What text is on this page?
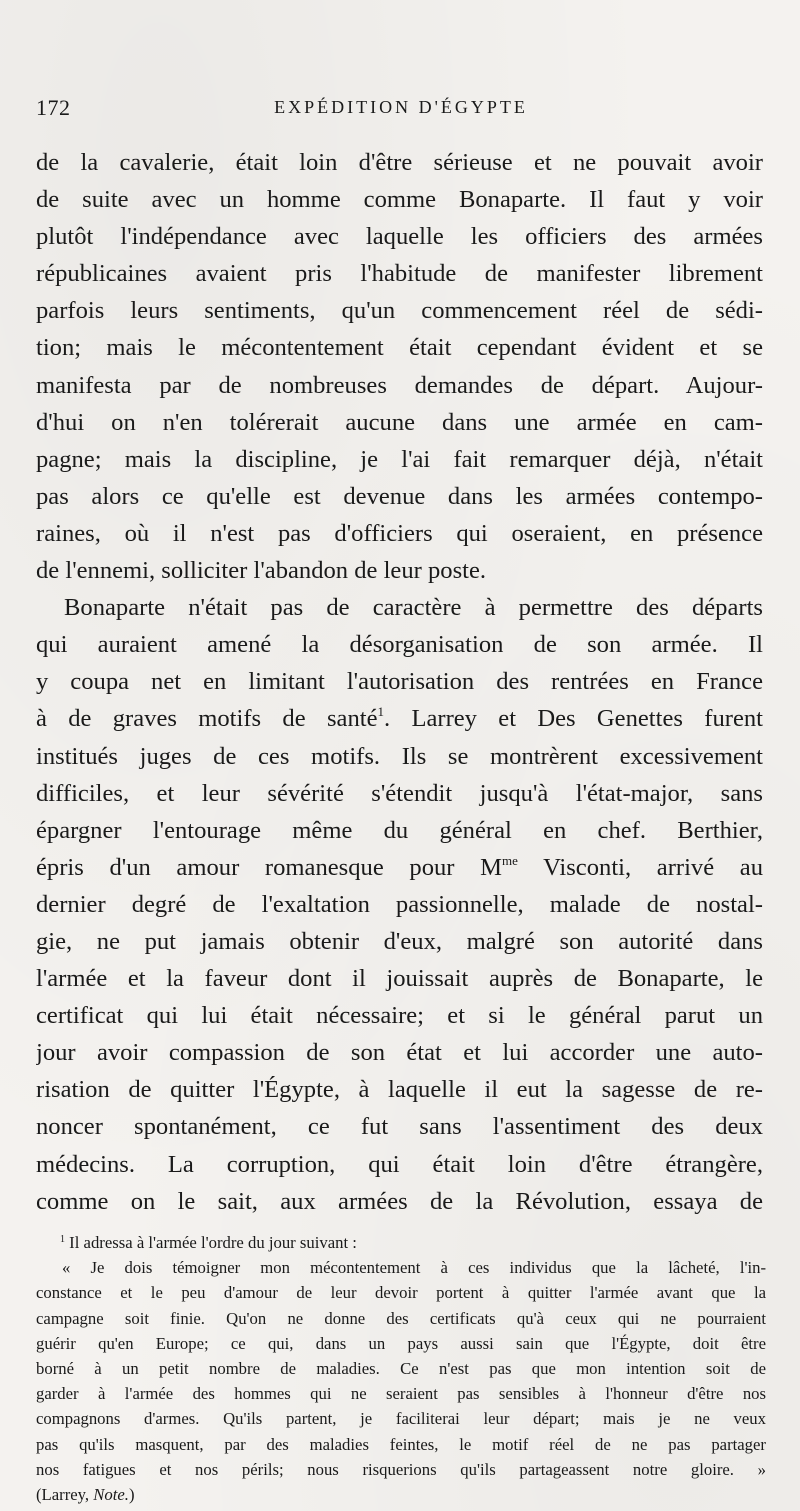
172	EXPÉDITION D'ÉGYPTE
de la cavalerie, était loin d'être sérieuse et ne pouvait avoir
de suite avec un homme comme Bonaparte. Il faut y voir
plutôt l'indépendance avec laquelle les officiers des armées
républicaines avaient pris l'habitude de manifester librement
parfois leurs sentiments, qu'un commencement réel de sédi-
tion; mais le mécontentement était cependant évident et se
manifesta par de nombreuses demandes de départ. Aujour-
d'hui on n'en tolérerait aucune dans une armée en cam-
pagne; mais la discipline, je l'ai fait remarquer déjà, n'était
pas alors ce qu'elle est devenue dans les armées contempo-
raines, où il n'est pas d'officiers qui oseraient, en présence
de l'ennemi, solliciter l'abandon de leur poste.
Bonaparte n'était pas de caractère à permettre des départs
qui auraient amené la désorganisation de son armée. Il
y coupa net en limitant l'autorisation des rentrées en France
à de graves motifs de santé$^1$. Larrey et Des Genettes furent
institués juges de ces motifs. Ils se montrèrent excessivement
difficiles, et leur sévérité s'étendit jusqu'à l'état-major, sans
épargner l'entourage même du général en chef. Berthier,
épris d'un amour romanesque pour $M^{me}$ Visconti, arrivé au
dernier degré de l'exaltation passionnelle, malade de nostal-
gie, ne put jamais obtenir d'eux, malgré son autorité dans
l'armée et la faveur dont il jouissait auprès de Bonaparte, le
certificat qui lui était nécessaire; et si le général parut un
jour avoir compassion de son état et lui accorder une auto-
risation de quitter l'Égypte, à laquelle il eut la sagesse de re-
noncer spontanément, ce fut sans l'assentiment des deux
médecins. La corruption, qui était loin d'être étrangère,
comme on le sait, aux armées de la Révolution, essaya de
$^1$ Il adressa à l'armée l'ordre du jour suivant :
« Je dois témoigner mon mécontentement à ces individus que la lâcheté, l'in-
constance et le peu d'amour de leur devoir portent à quitter l'armée avant que la
campagne soit finie. Qu'on ne donne des certificats qu'à ceux qui ne pourraient
guérir qu'en Europe; ce qui, dans un pays aussi sain que l'Égypte, doit être
borné à un petit nombre de maladies. Ce n'est pas que mon intention soit de
garder à l'armée des hommes qui ne seraient pas sensibles à l'honneur d'être nos
compagnons d'armes. Qu'ils partent, je faciliterai leur départ; mais je ne veux
pas qu'ils masquent, par des maladies feintes, le motif réel de ne pas partager
nos fatigues et nos périls; nous risquerions qu'ils partageassent notre gloire. »
(Larrey, Note.)
